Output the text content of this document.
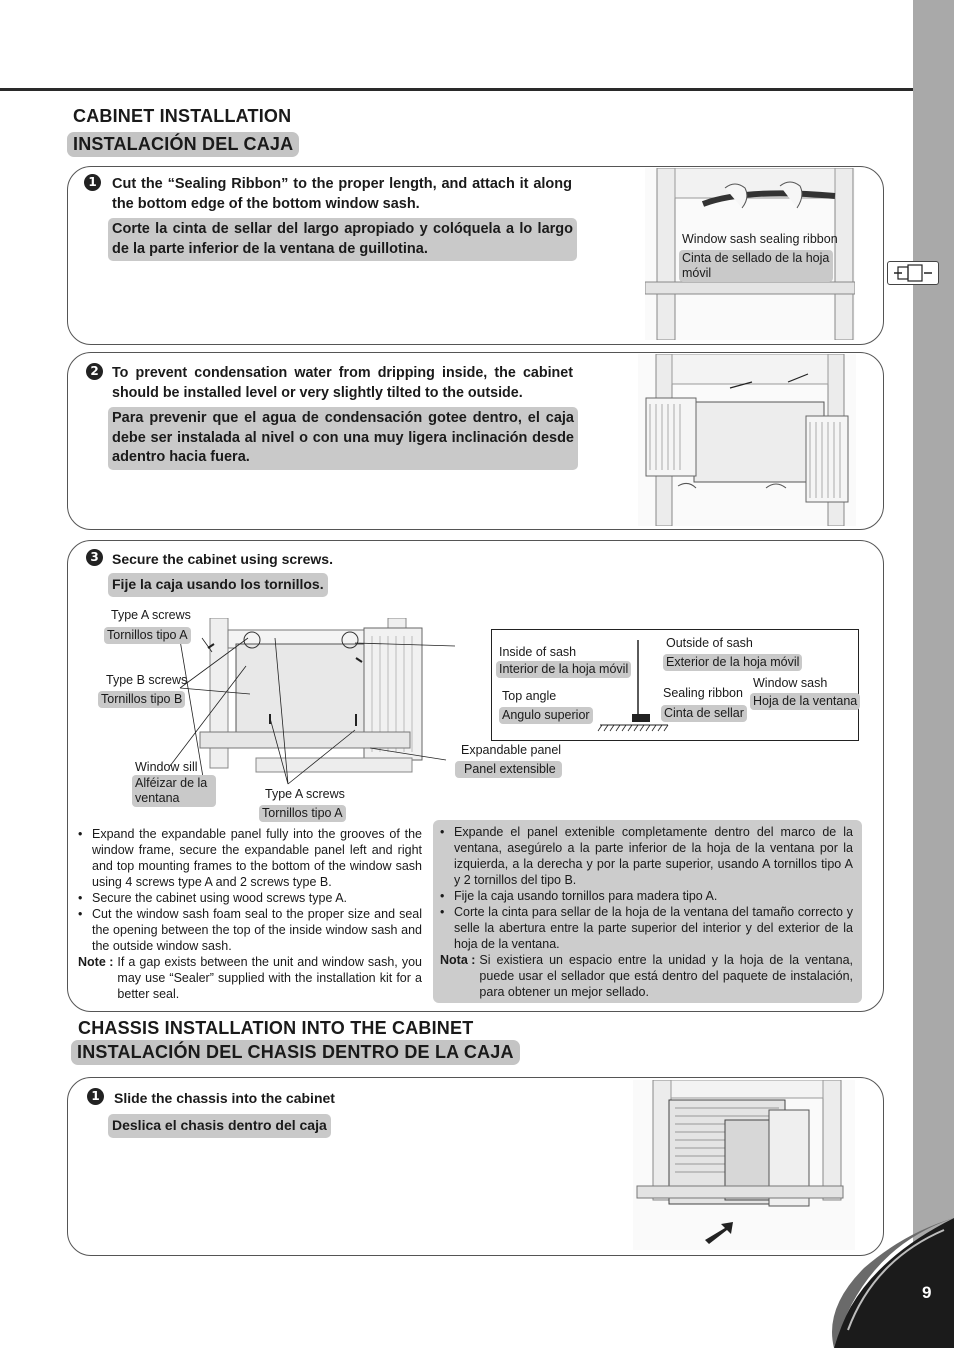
CABINET INSTALLATION
INSTALACIÓN DEL CAJA
1 Cut the “Sealing Ribbon” to the proper length, and attach it along the bottom edge of the bottom window sash.
Corte la cinta de sellar del largo apropiado y colóquela a lo largo de la parte inferior de la ventana de guillotina.
Window sash sealing ribbon
Cinta de sellado de la hoja móvil
2 To prevent condensation water from dripping inside, the cabinet should be installed level or very slightly tilted to the outside.
Para prevenir que el agua de condensación gotee dentro, el caja debe ser instalada al nivel o con una muy ligera inclinación desde adentro hacia fuera.
3 Secure the cabinet using screws.
Fije la caja usando los tornillos.
Type A screws
Tornillos tipo A
Type B screws
Tornillos tipo B
Window sill
Alféizar de la ventana	Type A screws
Tornillos tipo A
Expandable panel
Panel extensible
Inside of sash
Interior de la hoja móvil
Outside of sash
Exterior de la hoja móvil
Top angle
Angulo superior
Sealing ribbon
Cinta de sellar
Window sash
Hoja de la ventana
• Expand the expandable panel fully into the grooves of the window frame, secure the expandable panel left and right and top mounting frames to the bottom of the window sash using 4 screws type A and 2 screws type B.
• Secure the cabinet using wood screws type A.
• Cut the window sash foam seal to the proper size and seal the opening between the top of the inside window sash and the outside window sash.
Note : If a gap exists between the unit and window sash, you may use “Sealer” supplied with the installation kit for a better seal.
• Expande el panel extenible completamente dentro del marco de la ventana, asegúrelo a la parte inferior de la hoja de la ventana por la izquierda, a la derecha y por la parte superior, usando A tornillos tipo A y 2 tornillos del tipo B.
• Fije la caja usando tornillos para madera tipo A.
• Corte la cinta para sellar de la hoja de la ventana del tamaño correcto y selle la abertura entre la parte superior del interior y del exterior de la hoja de la ventana.
Nota : Si existiera un espacio entre la unidad y la hoja de la ventana, puede usar el sellador que está dentro del paquete de instalación, para obtener un mejor sellado.
CHASSIS INSTALLATION INTO THE CABINET
INSTALACIÓN DEL CHASIS DENTRO DE LA CAJA
1	Slide the chassis into the cabinet
Deslica el chasis dentro del caja
9
